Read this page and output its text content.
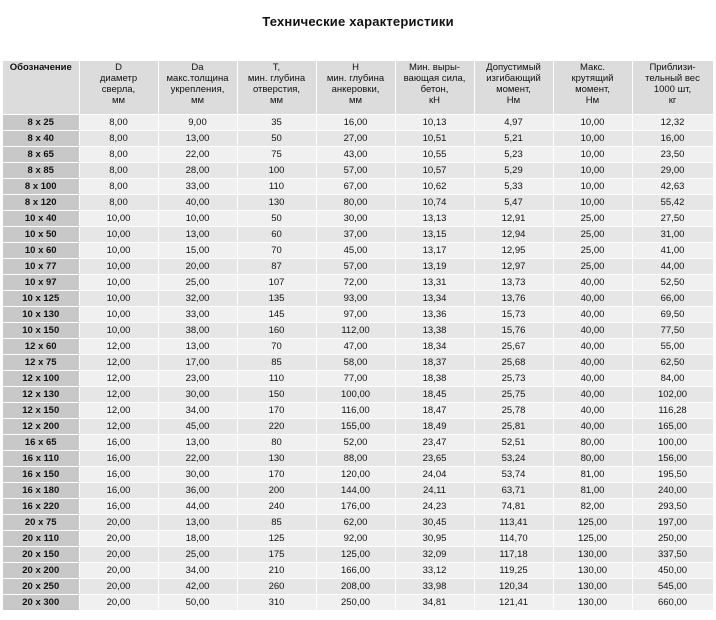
Технические характеристики
Обозначение	D
диаметр
сверла,
мм	Da
макс.толщина
укрепления,
мм	T,
мин. глубина
отверстия,
мм	H
мин. глубина
анкеровки,
мм	Мин. выры-
вающая сила,
бетон,
кН	Допустимый
изгибающий
момент,
Нм	Макс.
крутящий
момент,
Нм	Приблизи-
тельный вес
1000 шт,
кг

8 x 25	8,00	9,00	35	16,00	10,13	4,97	10,00	12,32
8 x 40	8,00	13,00	50	27,00	10,51	5,21	10,00	16,00
8 x 65	8,00	22,00	75	43,00	10,55	5,23	10,00	23,50
8 x 85	8,00	28,00	100	57,00	10,57	5,29	10,00	29,00
8 x 100	8,00	33,00	110	67,00	10,62	5,33	10,00	42,63
8 x 120	8,00	40,00	130	80,00	10,74	5,47	10,00	55,42
10 x 40	10,00	10,00	50	30,00	13,13	12,91	25,00	27,50
10 x 50	10,00	13,00	60	37,00	13,15	12,94	25,00	31,00
10 x 60	10,00	15,00	70	45,00	13,17	12,95	25,00	41,00
10 x 77	10,00	20,00	87	57,00	13,19	12,97	25,00	44,00
10 x 97	10,00	25,00	107	72,00	13,31	13,73	40,00	52,50
10 x 125	10,00	32,00	135	93,00	13,34	13,76	40,00	66,00
10 x 130	10,00	33,00	145	97,00	13,36	15,73	40,00	69,50
10 x 150	10,00	38,00	160	112,00	13,38	15,76	40,00	77,50
12 x 60	12,00	13,00	70	47,00	18,34	25,67	40,00	55,00
12 x 75	12,00	17,00	85	58,00	18,37	25,68	40,00	62,50
12 x 100	12,00	23,00	110	77,00	18,38	25,73	40,00	84,00
12 x 130	12,00	30,00	150	100,00	18,45	25,75	40,00	102,00
12 x 150	12,00	34,00	170	116,00	18,47	25,78	40,00	116,28
12 x 200	12,00	45,00	220	155,00	18,49	25,81	40,00	165,00
16 x 65	16,00	13,00	80	52,00	23,47	52,51	80,00	100,00
16 x 110	16,00	22,00	130	88,00	23,65	53,24	80,00	156,00
16 x 150	16,00	30,00	170	120,00	24,04	53,74	81,00	195,50
16 x 180	16,00	36,00	200	144,00	24,11	63,71	81,00	240,00
16 x 220	16,00	44,00	240	176,00	24,23	74,81	82,00	293,50
20 x 75	20,00	13,00	85	62,00	30,45	113,41	125,00	197,00
20 x 110	20,00	18,00	125	92,00	30,95	114,70	125,00	250,00
20 x 150	20,00	25,00	175	125,00	32,09	117,18	130,00	337,50
20 x 200	20,00	34,00	210	166,00	33,12	119,25	130,00	450,00
20 x 250	20,00	42,00	260	208,00	33,98	120,34	130,00	545,00
20 x 300	20,00	50,00	310	250,00	34,81	121,41	130,00	660,00
